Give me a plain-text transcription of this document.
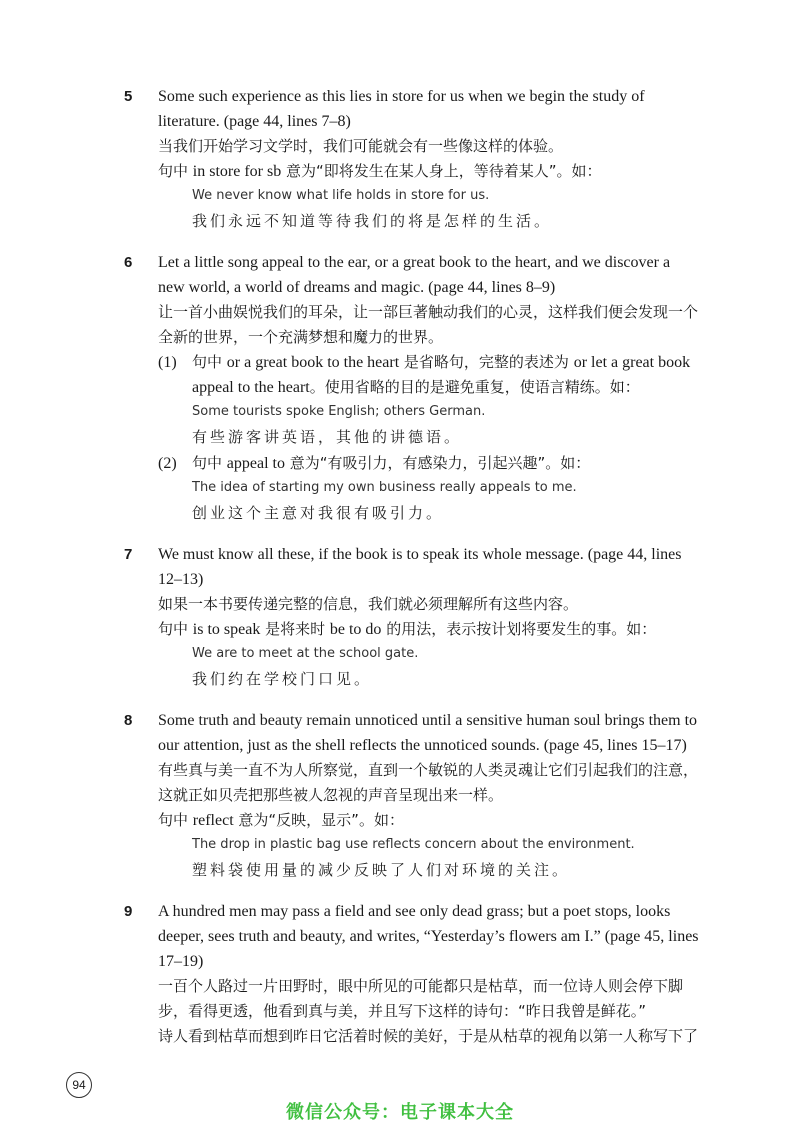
5 Some such experience as this lies in store for us when we begin the study of literature. (page 44, lines 7–8)
当我们开始学习文学时，我们可能就会有一些像这样的体验。
句中 in store for sb 意为“即将发生在某人身上，等待着某人”。如：
We never know what life holds in store for us.
我们永远不知道等待我们的将是怎样的生活。
6 Let a little song appeal to the ear, or a great book to the heart, and we discover a new world, a world of dreams and magic. (page 44, lines 8–9)
让一首小曲娱悦我们的耳朵，让一部巨著触动我们的心灵，这样我们便会发现一个全新的世界，一个充满梦想和魔力的世界。
(1) 句中 or a great book to the heart 是省略句，完整的表述为 or let a great book appeal to the heart。使用省略的目的是避免重复，使语言精练。如：
Some tourists spoke English; others German.
有些游客讲英语，其他的讲德语。
(2) 句中 appeal to 意为“有吸引力，有感染力，引起兴趣”。如：
The idea of starting my own business really appeals to me.
创业这个主意对我很有吸引力。
7 We must know all these, if the book is to speak its whole message. (page 44, lines 12–13)
如果一本书要传递完整的信息，我们就必须理解所有这些内容。
句中 is to speak 是将来时 be to do 的用法，表示按计划将要发生的事。如：
We are to meet at the school gate.
我们约在学校门口见。
8 Some truth and beauty remain unnoticed until a sensitive human soul brings them to our attention, just as the shell reflects the unnoticed sounds. (page 45, lines 15–17)
有些真与美一直不为人所察觉，直到一个敏锐的人类灵魂让它们引起我们的注意，这就正如贝壳把那些被人忽视的声音呈现出来一样。
句中 reflect 意为“反映，显示”。如：
The drop in plastic bag use reflects concern about the environment.
塑料袋使用量的减少反映了人们对环境的关注。
9 A hundred men may pass a field and see only dead grass; but a poet stops, looks deeper, sees truth and beauty, and writes, “Yesterday’s flowers am I.” (page 45, lines 17–19)
一百个人路过一片田野时，眼中所见的可能都只是枯草，而一位诗人则会停下脚步，看得更透，他看到真与美，并且写下这样的诗句：“昨日我曾是鲜花。”
诗人看到枯草而想到昨日它活着时候的美好，于是从枯草的视角以第一人称写下了
94
微信公众号：电子课本大全
